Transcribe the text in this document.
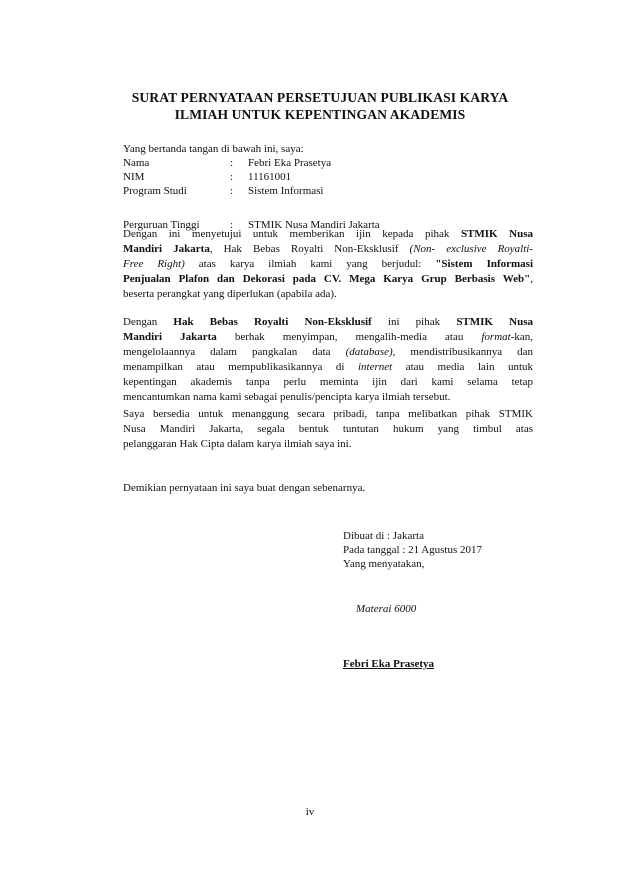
SURAT PERNYATAAN PERSETUJUAN PUBLIKASI KARYA
ILMIAH UNTUK KEPENTINGAN AKADEMIS
Yang bertanda tangan di bawah ini, saya:
Nama	:	Febri Eka Prasetya
NIM	:	11161001
Program Studi	:	Sistem Informasi

Perguruan Tinggi	:	STMIK Nusa Mandiri Jakarta
Dengan ini menyetujui untuk memberikan ijin kepada pihak STMIK Nusa
Mandiri Jakarta, Hak Bebas Royalti Non-Eksklusif (Non- exclusive Royalti-
Free Right) atas karya ilmiah kami yang berjudul: "Sistem Informasi
Penjualan Plafon dan Dekorasi pada CV. Mega Karya Grup Berbasis Web",
beserta perangkat yang diperlukan (apabila ada).
Dengan Hak Bebas Royalti Non-Eksklusif ini pihak STMIK Nusa
Mandiri Jakarta berhak menyimpan, mengalih-media atau format-kan,
mengelolaannya dalam pangkalan data (database), mendistribusikannya dan
menampilkan atau mempublikasikannya di internet atau media lain untuk
kepentingan akademis tanpa perlu meminta ijin dari kami selama tetap
mencantumkan nama kami sebagai penulis/pencipta karya ilmiah tersebut.
Saya bersedia untuk menanggung secara pribadi, tanpa melibatkan pihak STMIK
Nusa Mandiri Jakarta, segala bentuk tuntutan hukum yang timbul atas
pelanggaran Hak Cipta dalam karya ilmiah saya ini.
Demikian pernyataan ini saya buat dengan sebenarnya.
Dibuat di : Jakarta
Pada tanggal : 21 Agustus 2017
Yang menyatakan,
Materai 6000
Febri Eka Prasetya
iv
